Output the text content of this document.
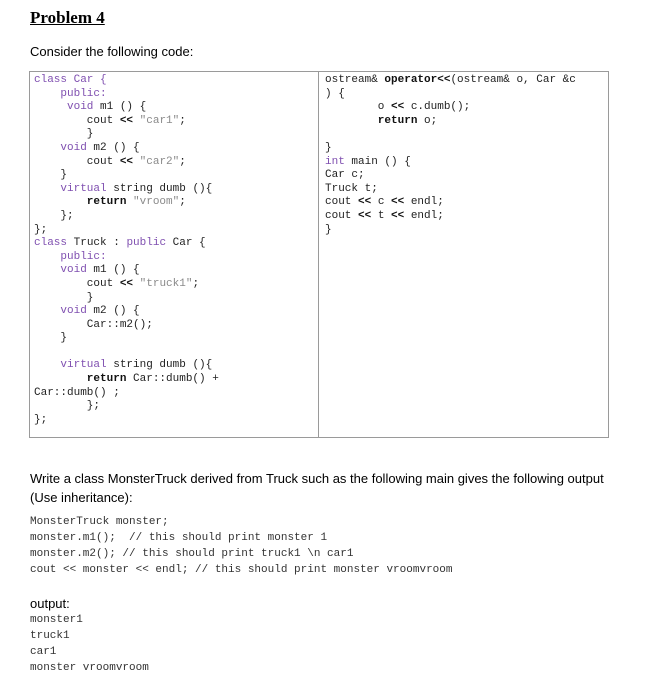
Problem 4

Consider the following code:

class Car {
public:
void m1 () {
cout << "car1";
}
void m2 () {
cout << "car2";
}
virtual string dumb (){
return "vroom";
};
};
class Truck : public Car {
public:
void m1 () {
cout << "truck1";
}
void m2 () {
Car::m2();
}
virtual string dumb (){
return Car::dumb() +
Car::dumb() ;
};
};
ostream& operator<<(ostream& o, Car &c
) {
o << c.dumb();
return o;
}
int main () {
Car c;
Truck t;
cout << c << endl;
cout << t << endl;
}

Write a class MonsterTruck derived from Truck such as the following main gives the following output (Use inheritance):

MonsterTruck monster;
monster.m1();  // this should print monster 1
monster.m2(); // this should print truck1 \n car1
cout << monster << endl; // this should print monster vroomvroom

output:

monster1
truck1
car1
monster vroomvroom
